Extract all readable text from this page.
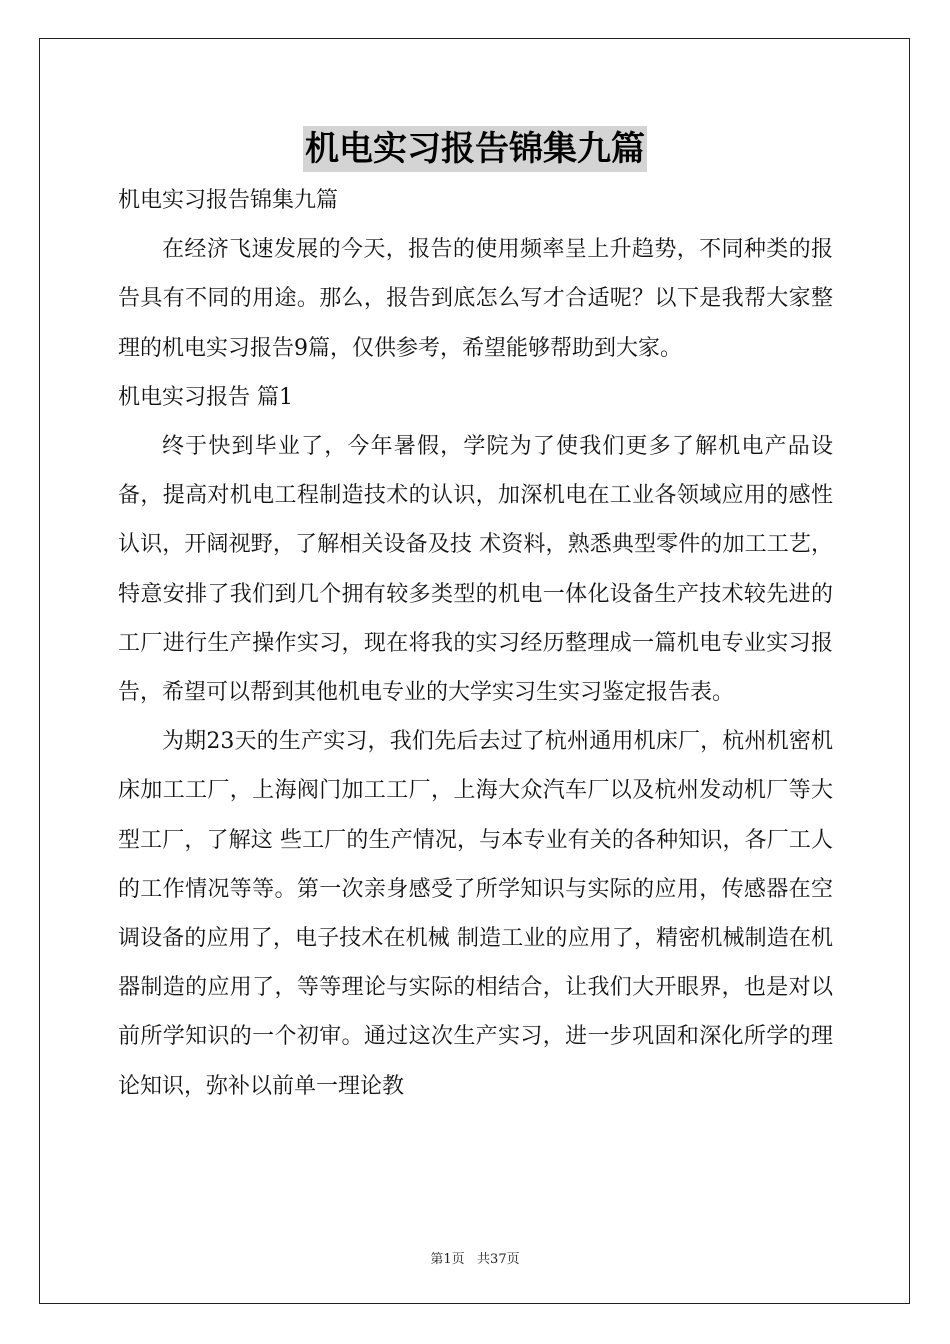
机电实习报告锦集九篇

机电实习报告锦集九篇

在经济飞速发展的今天，报告的使用频率呈上升趋势，不同种类的报告具有不同的用途。那么，报告到底怎么写才合适呢？以下是我帮大家整理的机电实习报告9篇，仅供参考，希望能够帮助到大家。

机电实习报告 篇1

终于快到毕业了，今年暑假，学院为了使我们更多了解机电产品设备，提高对机电工程制造技术的认识，加深机电在工业各领域应用的感性认识，开阔视野，了解相关设备及技 术资料，熟悉典型零件的加工工艺，特意安排了我们到几个拥有较多类型的机电一体化设备生产技术较先进的工厂进行生产操作实习，现在将我的实习经历整理成一篇机电专业实习报告，希望可以帮到其他机电专业的大学实习生实习鉴定报告表。

为期23天的生产实习，我们先后去过了杭州通用机床厂，杭州机密机床加工工厂，上海阀门加工工厂，上海大众汽车厂以及杭州发动机厂等大型工厂，了解这 些工厂的生产情况，与本专业有关的各种知识，各厂工人的工作情况等等。第一次亲身感受了所学知识与实际的应用，传感器在空调设备的应用了，电子技术在机械 制造工业的应用了，精密机械制造在机器制造的应用了，等等理论与实际的相结合，让我们大开眼界，也是对以前所学知识的一个初审。通过这次生产实习，进一步巩固和深化所学的理论知识，弥补以前单一理论教

第1页   共37页
